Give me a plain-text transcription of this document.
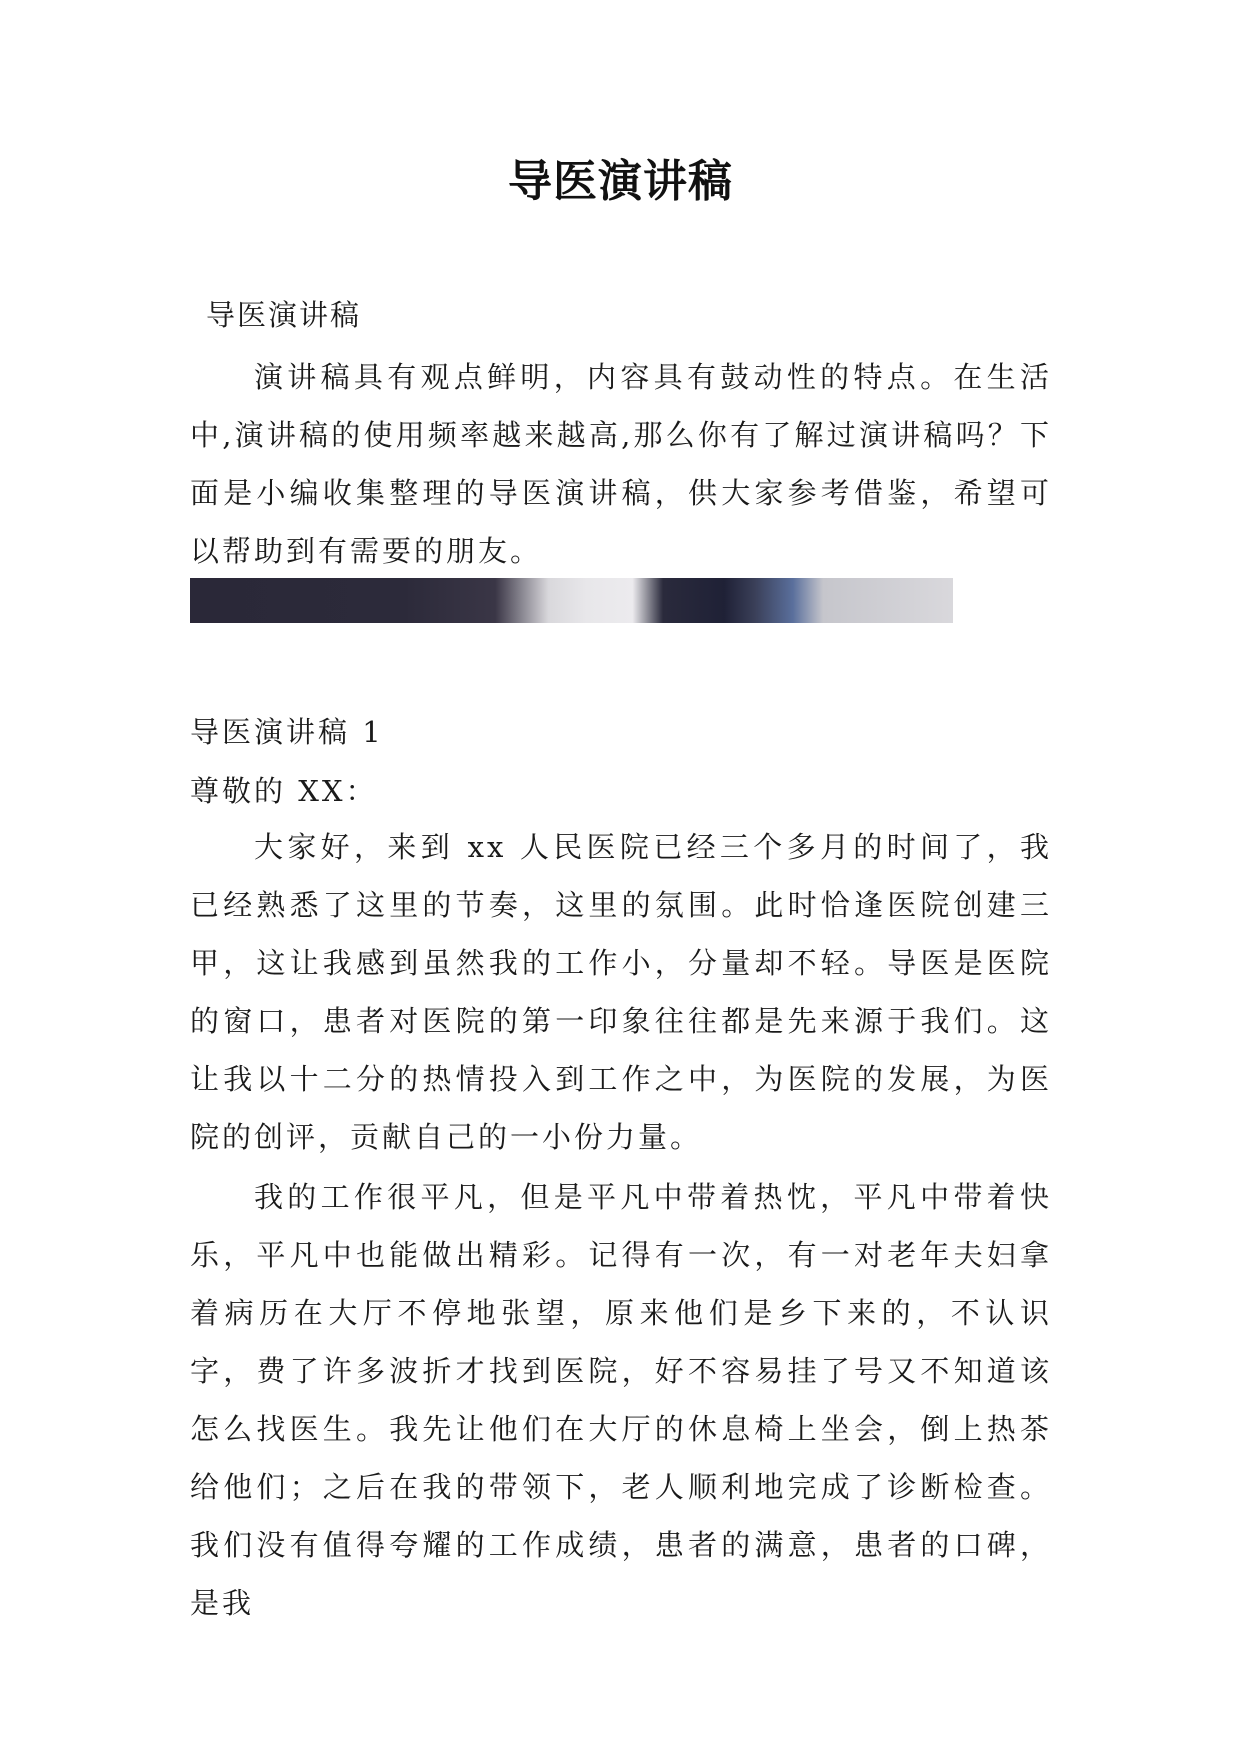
导医演讲稿
导医演讲稿

演讲稿具有观点鲜明，内容具有鼓动性的特点。在生活中,演讲稿的使用频率越来越高,那么你有了解过演讲稿吗？下面是小编收集整理的导医演讲稿，供大家参考借鉴，希望可以帮助到有需要的朋友。

导医演讲稿 1
尊敬的 XX：

大家好，来到 xx 人民医院已经三个多月的时间了，我已经熟悉了这里的节奏，这里的氛围。此时恰逢医院创建三甲，这让我感到虽然我的工作小，分量却不轻。导医是医院的窗口，患者对医院的第一印象往往都是先来源于我们。这让我以十二分的热情投入到工作之中，为医院的发展，为医院的创评，贡献自己的一小份力量。

我的工作很平凡，但是平凡中带着热忱，平凡中带着快乐，平凡中也能做出精彩。记得有一次，有一对老年夫妇拿着病历在大厅不停地张望，原来他们是乡下来的，不认识字，费了许多波折才找到医院，好不容易挂了号又不知道该怎么找医生。我先让他们在大厅的休息椅上坐会，倒上热茶给他们；之后在我的带领下，老人顺利地完成了诊断检查。我们没有值得夸耀的工作成绩，患者的满意，患者的口碑，是我
